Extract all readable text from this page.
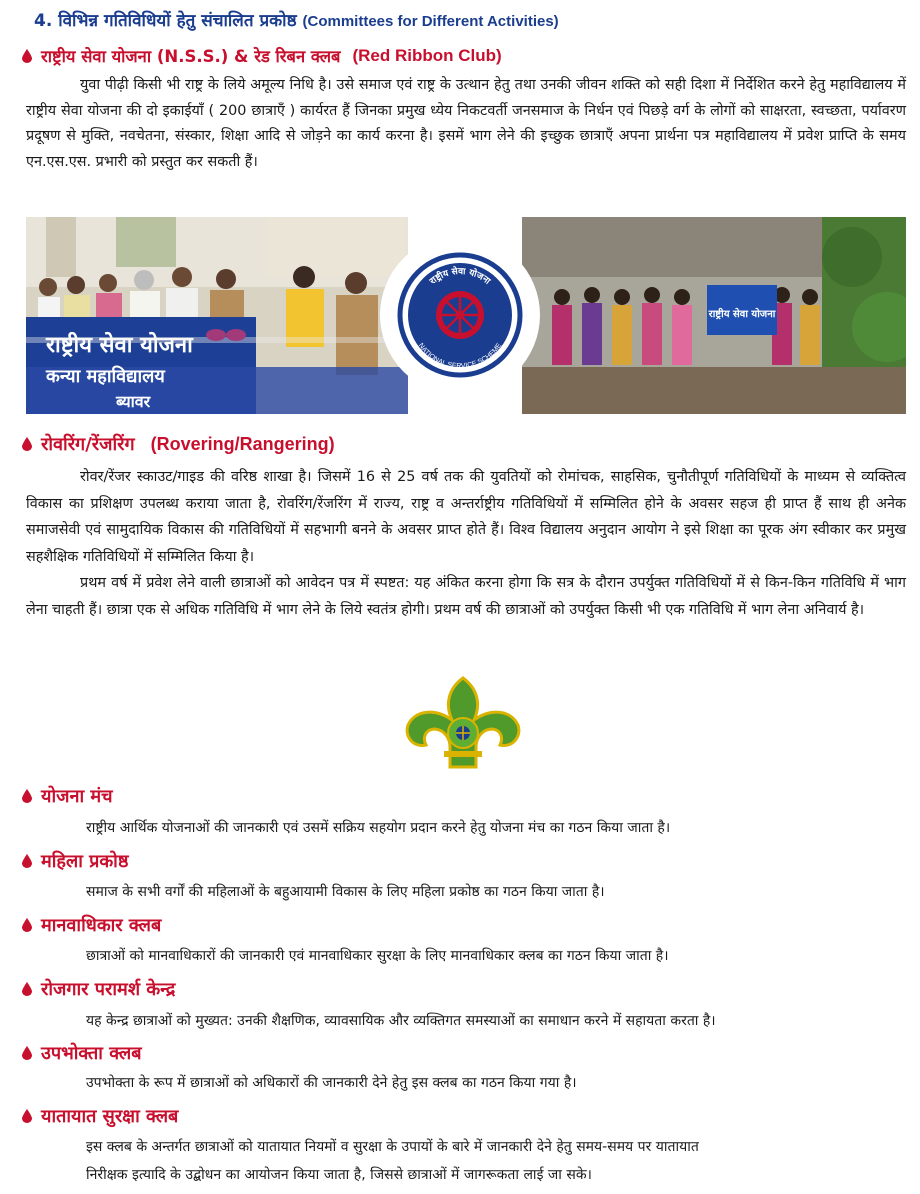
4. विभिन्न गतिविधियों हेतु संचालित प्रकोष्ठ (Committees for Different Activities)
राष्ट्रीय सेवा योजना (N.S.S.) & रेड रिबन क्लब (Red Ribbon Club)

युवा पीढ़ी किसी भी राष्ट्र के लिये अमूल्य निधि है। उसे समाज एवं राष्ट्र के उत्थान हेतु तथा उनकी जीवन शक्ति को सही दिशा में निर्देशित करने हेतु महाविद्यालय में राष्ट्रीय सेवा योजना की दो इकाईयाँ ( 200 छात्राएँ ) कार्यरत हैं जिनका प्रमुख ध्येय निकटवर्ती जनसमाज के निर्धन एवं पिछड़े वर्ग के लोगों को साक्षरता, स्वच्छता, पर्यावरण प्रदूषण से मुक्ति, नवचेतना, संस्कार, शिक्षा आदि से जोड़ने का कार्य करना है। इसमें भाग लेने की इच्छुक छात्राएँ अपना प्रार्थना पत्र महाविद्यालय में प्रवेश प्राप्ति के समय एन.एस.एस. प्रभारी को प्रस्तुत कर सकती हैं।

राष्ट्रीय सेवा योजना
कन्या महाविद्यालय
ब्यावर
राष्ट्रीय सेवा योजना
राष्ट्रीय सेवा योजना
NATIONAL SERVICE SCHEME
रोवरिंग/रेंजरिंग (Rovering/Rangering)

रोवर/रेंजर स्काउट/गाइड की वरिष्ठ शाखा है। जिसमें 16 से 25 वर्ष तक की युवतियों को रोमांचक, साहसिक, चुनौतीपूर्ण गतिविधियों के माध्यम से व्यक्तित्व विकास का प्रशिक्षण उपलब्ध कराया जाता है, रोवरिंग/रेंजरिंग में राज्य, राष्ट्र व अन्तर्राष्ट्रीय गतिविधियों में सम्मिलित होने के अवसर सहज ही प्राप्त हैं साथ ही अनेक समाजसेवी एवं सामुदायिक विकास की गतिविधियों में सहभागी बनने के अवसर प्राप्त होते हैं। विश्व विद्यालय अनुदान आयोग ने इसे शिक्षा का पूरक अंग स्वीकार कर प्रमुख सहशैक्षिक गतिविधियों में सम्मिलित किया है।

प्रथम वर्ष में प्रवेश लेने वाली छात्राओं को आवेदन पत्र में स्पष्टत: यह अंकित करना होगा कि सत्र के दौरान उपर्युक्त गतिविधियों में से किन-किन गतिविधि में भाग लेना चाहती हैं। छात्रा एक से अधिक गतिविधि में भाग लेने के लिये स्वतंत्र होगी। प्रथम वर्ष की छात्राओं को उपर्युक्त किसी भी एक गतिविधि में भाग लेना अनिवार्य है।

योजना मंच
राष्ट्रीय आर्थिक योजनाओं की जानकारी एवं उसमें सक्रिय सहयोग प्रदान करने हेतु योजना मंच का गठन किया जाता है।
महिला प्रकोष्ठ
समाज के सभी वर्गों की महिलाओं के बहुआयामी विकास के लिए महिला प्रकोष्ठ का गठन किया जाता है।
मानवाधिकार क्लब
छात्राओं को मानवाधिकारों की जानकारी एवं मानवाधिकार सुरक्षा के लिए मानवाधिकार क्लब का गठन किया जाता है।
रोजगार परामर्श केन्द्र
यह केन्द्र छात्राओं को मुख्यत: उनकी शैक्षणिक, व्यावसायिक और व्यक्तिगत समस्याओं का समाधान करने में सहायता करता है।
उपभोक्ता क्लब
उपभोक्ता के रूप में छात्राओं को अधिकारों की जानकारी देने हेतु इस क्लब का गठन किया गया है।
यातायात सुरक्षा क्लब
इस क्लब के अन्तर्गत छात्राओं को यातायात नियमों व सुरक्षा के उपायों के बारे में जानकारी देने हेतु समय-समय पर यातायात
निरीक्षक इत्यादि के उद्बोधन का आयोजन किया जाता है, जिससे छात्राओं में जागरूकता लाई जा सके।
